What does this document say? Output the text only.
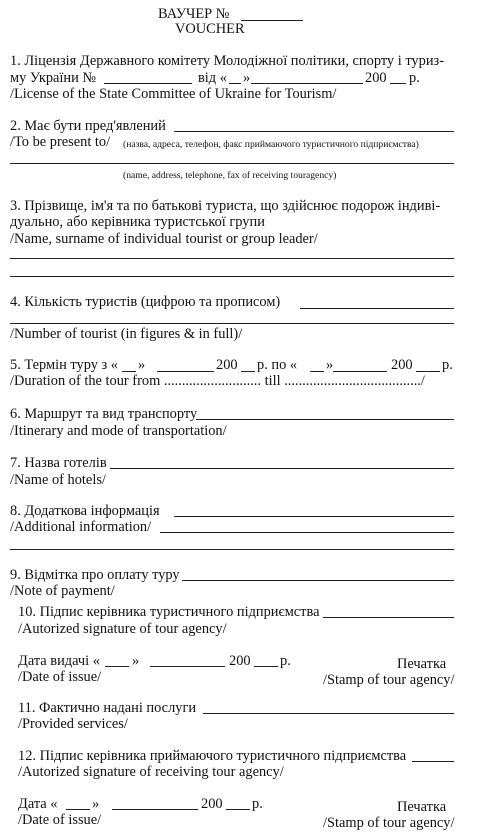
ВАУЧЕР №
VOUCHER
1. Ліцензія Державного комітету Молодіжної політики, спорту і туриз-
му України №	від « »	200 р.
/License of the State Committee of Ukraine for Tourism/
2. Має бути пред'явлений
/To be present to/ (назва, адреса, телефон, факс приймаючого туристичного підприємства)
(name, address, telephone, fax of receiving touragency)
3. Прізвище, ім'я та по батькові туриста, що здійснює подорож індиві-
дуально, або керівника туристської групи
/Name, surname of individual tourist or group leader/
4. Кількість туристів (цифрою та прописом)
/Number of tourist (in figures & in full)/
5. Термін туру з « »	200 р. по « »	200 р.
/Duration of the tour from ........................... till ....................................../
6. Маршрут та вид транспорту
/Itinerary and mode of transportation/
7. Назва готелів
/Name of hotels/
8. Додаткова інформація
/Additional information/
9. Відмітка про оплату туру
/Note of payment/
10. Підпис керівника туристичного підприємства
/Autorized signature of tour agency/
Дата видачі « »	200 р.	Печатка
/Date of issue/	/Stamp of tour agency/
11. Фактично надані послуги
/Provided services/
12. Підпис керівника приймаючого туристичного підприємства
/Autorized signature of receiving tour agency/
Дата « »	200 р.	Печатка
/Date of issue/	/Stamp of tour agency/
